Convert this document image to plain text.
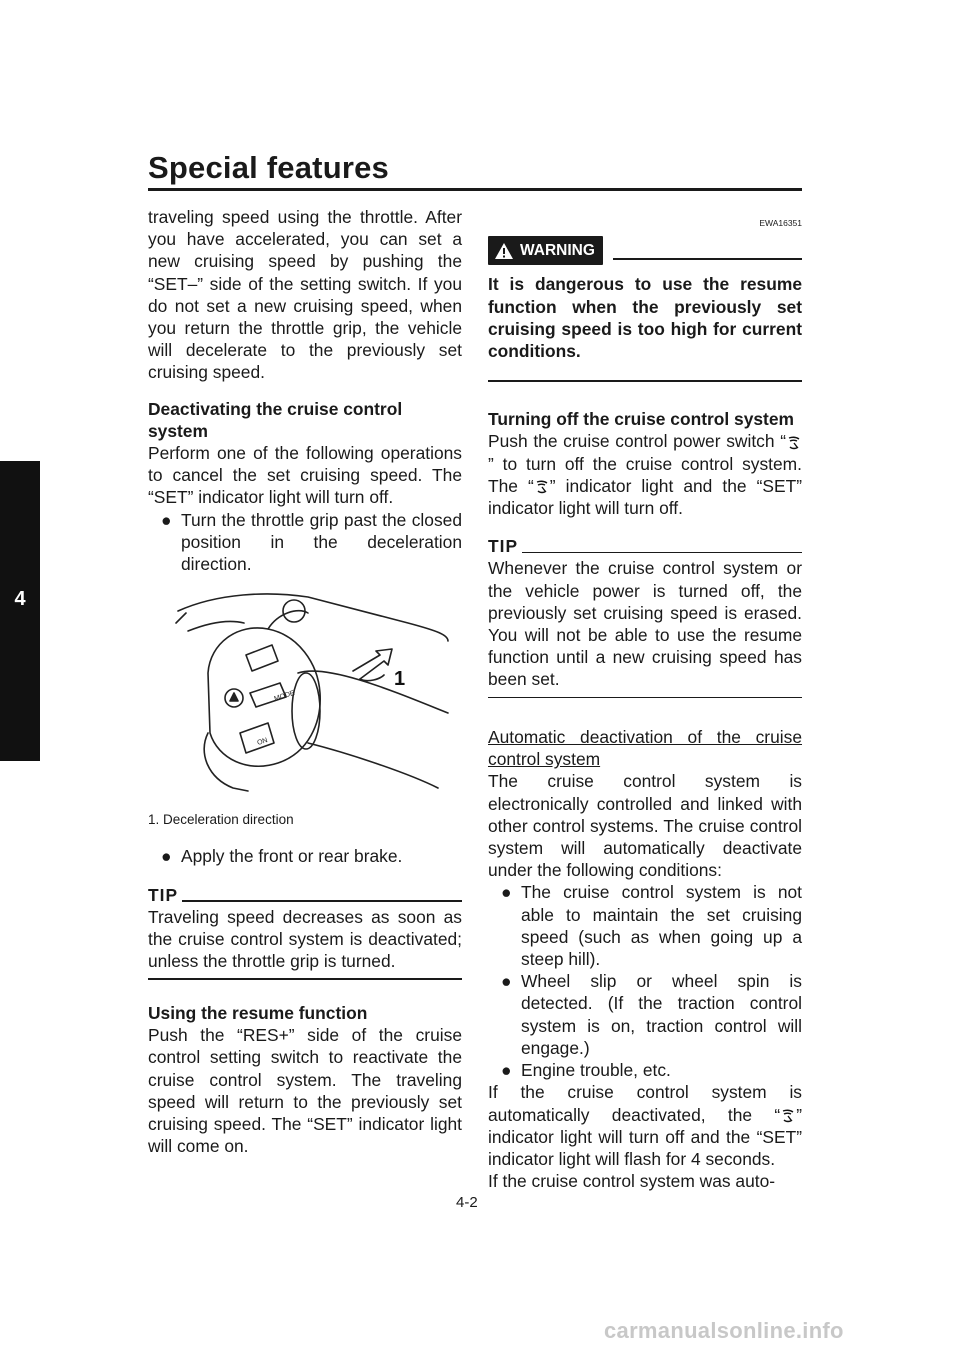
Special features
4

traveling speed using the throttle. After you have accelerated, you can set a new cruising speed by pushing the “SET–” side of the setting switch. If you do not set a new cruising speed, when you return the throttle grip, the vehicle will decelerate to the previously set cruising speed.

Deactivating the cruise control system

Perform one of the following operations to cancel the set cruising speed. The “SET” indicator light will turn off.

● Turn the throttle grip past the closed position in the deceleration direction.
MODE
ON
1

1. Deceleration direction

● Apply the front or rear brake.
TIP

Traveling speed decreases as soon as the cruise control system is deactivated; unless the throttle grip is turned.

Using the resume function

Push the “RES+” side of the cruise control setting switch to reactivate the cruise control system. The traveling speed will return to the previously set cruising speed. The “SET” indicator light will come on.

EWA16351
WARNING

It is dangerous to use the resume function when the previously set cruising speed is too high for current conditions.

Turning off the cruise control system

Push the cruise control power switch “” to turn off the cruise control system. The “ ” indicator light and the “SET” indicator light will turn off.

TIP

Whenever the cruise control system or the vehicle power is turned off, the previously set cruising speed is erased. You will not be able to use the resume function until a new cruising speed has been set.

Automatic deactivation of the cruise control system

The cruise control system is electronically controlled and linked with other control systems. The cruise control system will automatically deactivate under the following conditions:

● The cruise control system is not able to maintain the set cruising speed (such as when going up a steep hill).
● Wheel slip or wheel spin is detected. (If the traction control system is on, traction control will engage.)
● Engine trouble, etc.

If the cruise control system is automatically deactivated, the “ ” indicator light will turn off and the “SET” indicator light will flash for 4 seconds.

If the cruise control system was auto-

4-2
carmanualsonline.info
